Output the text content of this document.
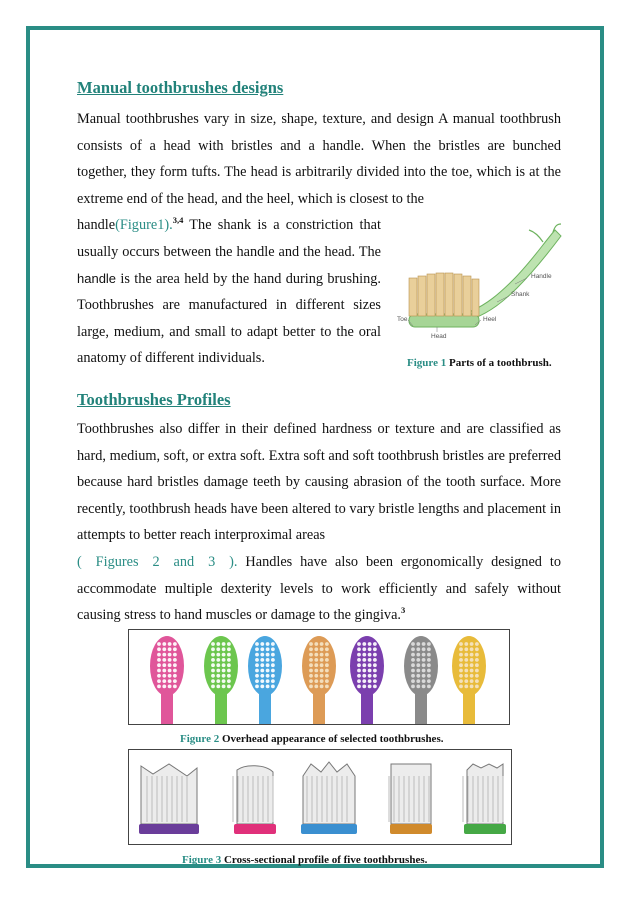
Manual toothbrushes designs

Manual toothbrushes vary in size, shape, texture, and design A manual toothbrush consists of a head with bristles and a handle. When the bristles are bunched together, they form tufts. The head is arbitrarily divided into the toe, which is at the extreme end of the head, and the heel, which is closest to the

handle(Figure1).$^{3,4}$ The shank is a constriction that usually occurs between the handle and the head. The handle is the area held by the hand during brushing. Toothbrushes are manufactured in different sizes large, medium, and small to adapt better to the oral anatomy of different individuals.

Handle
Shank
Toe	Heel
Head
Figure 1 Parts of a toothbrush.
Toothbrushes Profiles

Toothbrushes also differ in their defined hardness or texture and are classified as hard, medium, soft, or extra soft. Extra soft and soft toothbrush bristles are preferred because hard bristles damage teeth by causing abrasion of the tooth surface. More recently, toothbrush heads have been altered to vary bristle lengths and placement in attempts to better reach interproximal areas

( Figures 2 and 3 ). Handles have also been ergonomically designed to accommodate multiple dexterity levels to work efficiently and safely without causing stress to hand muscles or damage to the gingiva.$^3$

Figure 2 Overhead appearance of selected toothbrushes.
Figure 3 Cross-sectional profile of five toothbrushes.
